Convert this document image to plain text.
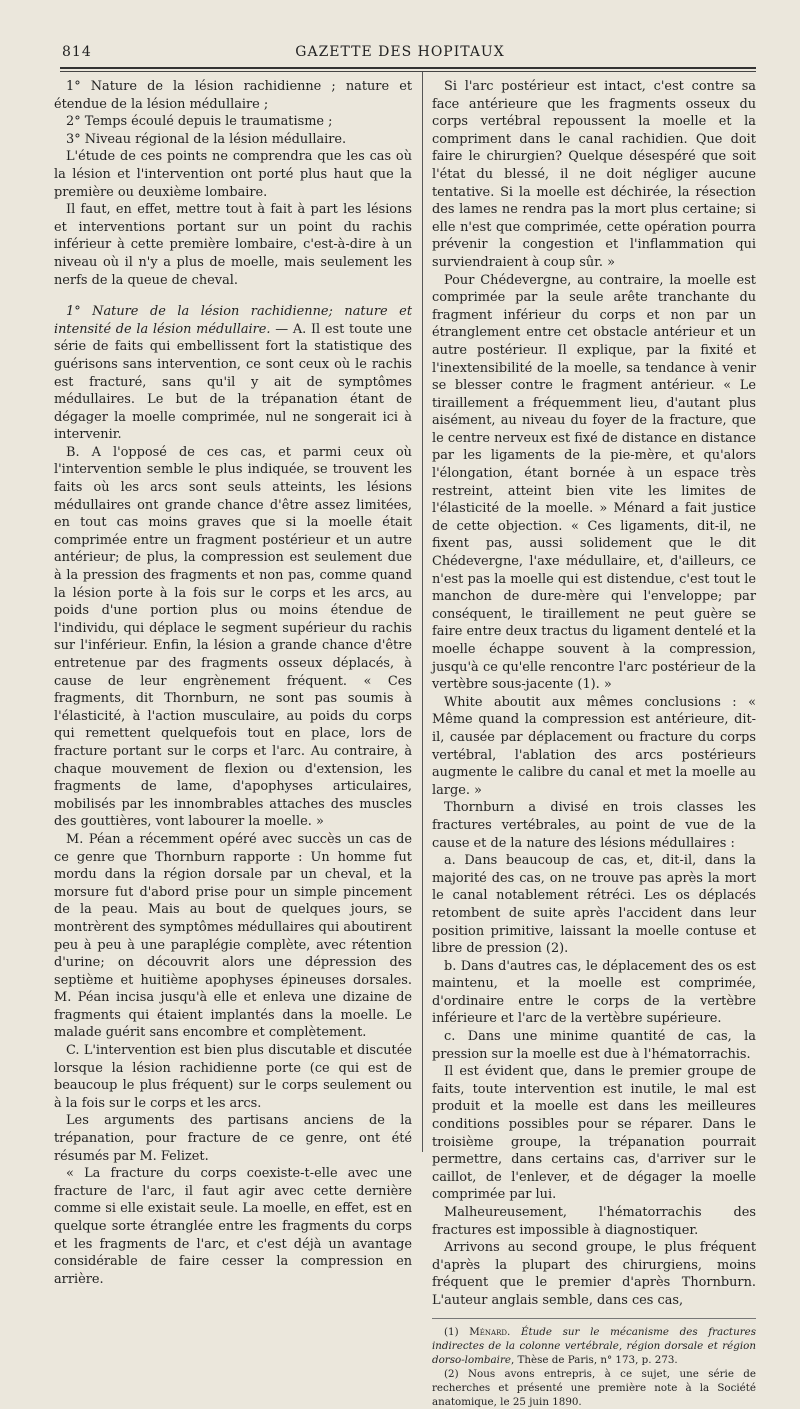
814	GAZETTE DES HOPITAUX

1° Nature de la lésion rachidienne ; nature et étendue de la lésion médullaire ;

2° Temps écoulé depuis le traumatisme ;

3° Niveau régional de la lésion médullaire.

L'étude de ces points ne comprendra que les cas où la lésion et l'intervention ont porté plus haut que la première ou deuxième lombaire.

Il faut, en effet, mettre tout à fait à part les lésions et interventions portant sur un point du rachis inférieur à cette première lombaire, c'est-à-dire à un niveau où il n'y a plus de moelle, mais seulement les nerfs de la queue de cheval.

1° Nature de la lésion rachidienne; nature et intensité de la lésion médullaire. — A. Il est toute une série de faits qui embellissent fort la statistique des guérisons sans intervention, ce sont ceux où le rachis est fracturé, sans qu'il y ait de symptômes médullaires. Le but de la trépanation étant de dégager la moelle comprimée, nul ne songerait ici à intervenir.

B. A l'opposé de ces cas, et parmi ceux où l'intervention semble le plus indiquée, se trouvent les faits où les arcs sont seuls atteints, les lésions médullaires ont grande chance d'être assez limitées, en tout cas moins graves que si la moelle était comprimée entre un fragment postérieur et un autre antérieur; de plus, la compression est seulement due à la pression des fragments et non pas, comme quand la lésion porte à la fois sur le corps et les arcs, au poids d'une portion plus ou moins étendue de l'individu, qui déplace le segment supérieur du rachis sur l'inférieur. Enfin, la lésion a grande chance d'être entretenue par des fragments osseux déplacés, à cause de leur engrènement fréquent. « Ces fragments, dit Thornburn, ne sont pas soumis à l'élasticité, à l'action musculaire, au poids du corps qui remettent quelquefois tout en place, lors de fracture portant sur le corps et l'arc. Au contraire, à chaque mouvement de flexion ou d'extension, les fragments de lame, d'apophyses articulaires, mobilisés par les innombrables attaches des muscles des gouttières, vont labourer la moelle. »

M. Péan a récemment opéré avec succès un cas de ce genre que Thornburn rapporte : Un homme fut mordu dans la région dorsale par un cheval, et la morsure fut d'abord prise pour un simple pincement de la peau. Mais au bout de quelques jours, se montrèrent des symptômes médullaires qui aboutirent peu à peu à une paraplégie complète, avec rétention d'urine; on découvrit alors une dépression des septième et huitième apophyses épineuses dorsales. M. Péan incisa jusqu'à elle et enleva une dizaine de fragments qui étaient implantés dans la moelle. Le malade guérit sans encombre et complètement.

C. L'intervention est bien plus discutable et discutée lorsque la lésion rachidienne porte (ce qui est de beaucoup le plus fréquent) sur le corps seulement ou à la fois sur le corps et les arcs.

Les arguments des partisans anciens de la trépanation, pour fracture de ce genre, ont été résumés par M. Felizet.

« La fracture du corps coexiste-t-elle avec une fracture de l'arc, il faut agir avec cette dernière comme si elle existait seule. La moelle, en effet, est en quelque sorte étranglée entre les fragments du corps et les fragments de l'arc, et c'est déjà un avantage considérable de faire cesser la compression en arrière.

Si l'arc postérieur est intact, c'est contre sa face antérieure que les fragments osseux du corps vertébral repoussent la moelle et la compriment dans le canal rachidien. Que doit faire le chirurgien? Quelque désespéré que soit l'état du blessé, il ne doit négliger aucune tentative. Si la moelle est déchirée, la résection des lames ne rendra pas la mort plus certaine; si elle n'est que comprimée, cette opération pourra prévenir la congestion et l'inflammation qui surviendraient à coup sûr. »

Pour Chédevergne, au contraire, la moelle est comprimée par la seule arête tranchante du fragment inférieur du corps et non par un étranglement entre cet obstacle antérieur et un autre postérieur. Il explique, par la fixité et l'inextensibilité de la moelle, sa tendance à venir se blesser contre le fragment antérieur. « Le tiraillement a fréquemment lieu, d'autant plus aisément, au niveau du foyer de la fracture, que le centre nerveux est fixé de distance en distance par les ligaments de la pie-mère, et qu'alors l'élongation, étant bornée à un espace très restreint, atteint bien vite les limites de l'élasticité de la moelle. » Ménard a fait justice de cette objection. « Ces ligaments, dit-il, ne fixent pas, aussi solidement que le dit Chédevergne, l'axe médullaire, et, d'ailleurs, ce n'est pas la moelle qui est distendue, c'est tout le manchon de dure-mère qui l'enveloppe; par conséquent, le tiraillement ne peut guère se faire entre deux tractus du ligament dentelé et la moelle échappe souvent à la compression, jusqu'à ce qu'elle rencontre l'arc postérieur de la vertèbre sous-jacente (1). »

White aboutit aux mêmes conclusions : « Même quand la compression est antérieure, dit-il, causée par déplacement ou fracture du corps vertébral, l'ablation des arcs postérieurs augmente le calibre du canal et met la moelle au large. »

Thornburn a divisé en trois classes les fractures vertébrales, au point de vue de la cause et de la nature des lésions médullaires :

a. Dans beaucoup de cas, et, dit-il, dans la majorité des cas, on ne trouve pas après la mort le canal notablement rétréci. Les os déplacés retombent de suite après l'accident dans leur position primitive, laissant la moelle contuse et libre de pression (2).

b. Dans d'autres cas, le déplacement des os est maintenu, et la moelle est comprimée, d'ordinaire entre le corps de la vertèbre inférieure et l'arc de la vertèbre supérieure.

c. Dans une minime quantité de cas, la pression sur la moelle est due à l'hématorrachis.

Il est évident que, dans le premier groupe de faits, toute intervention est inutile, le mal est produit et la moelle est dans les meilleures conditions possibles pour se réparer. Dans le troisième groupe, la trépanation pourrait permettre, dans certains cas, d'arriver sur le caillot, de l'enlever, et de dégager la moelle comprimée par lui.

Malheureusement, l'hématorrachis des fractures est impossible à diagnostiquer.

Arrivons au second groupe, le plus fréquent d'après la plupart des chirurgiens, moins fréquent que le premier d'après Thornburn. L'auteur anglais semble, dans ces cas,

(1) Ménard. Étude sur le mécanisme des fractures indirectes de la colonne vertébrale, région dorsale et région dorso-lombaire, Thèse de Paris, n° 173, p. 273.

(2) Nous avons entrepris, à ce sujet, une série de recherches et présenté une première note à la Société anatomique, le 25 juin 1890.
